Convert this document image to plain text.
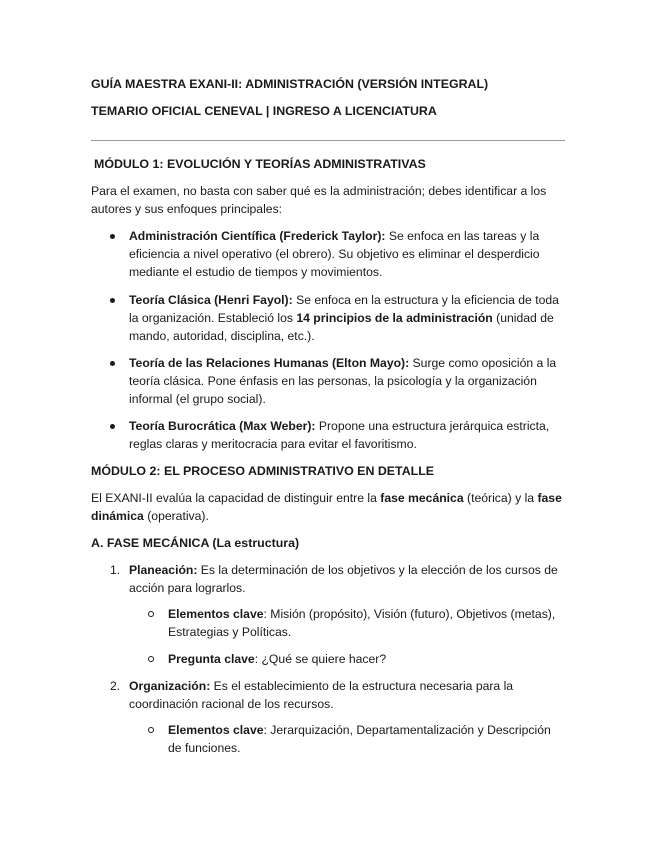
GUÍA MAESTRA EXANI-II: ADMINISTRACIÓN (VERSIÓN INTEGRAL)
TEMARIO OFICIAL CENEVAL | INGRESO A LICENCIATURA
MÓDULO 1: EVOLUCIÓN Y TEORÍAS ADMINISTRATIVAS
Para el examen, no basta con saber qué es la administración; debes identificar a los autores y sus enfoques principales:
Administración Científica (Frederick Taylor): Se enfoca en las tareas y la eficiencia a nivel operativo (el obrero). Su objetivo es eliminar el desperdicio mediante el estudio de tiempos y movimientos.
Teoría Clásica (Henri Fayol): Se enfoca en la estructura y la eficiencia de toda la organización. Estableció los 14 principios de la administración (unidad de mando, autoridad, disciplina, etc.).
Teoría de las Relaciones Humanas (Elton Mayo): Surge como oposición a la teoría clásica. Pone énfasis en las personas, la psicología y la organización informal (el grupo social).
Teoría Burocrática (Max Weber): Propone una estructura jerárquica estricta, reglas claras y meritocracia para evitar el favoritismo.
MÓDULO 2: EL PROCESO ADMINISTRATIVO EN DETALLE
El EXANI-II evalúa la capacidad de distinguir entre la fase mecánica (teórica) y la fase dinámica (operativa).
A. FASE MECÁNICA (La estructura)
1. Planeación: Es la determinación de los objetivos y la elección de los cursos de acción para lograrlos.
Elementos clave: Misión (propósito), Visión (futuro), Objetivos (metas), Estrategias y Políticas.
Pregunta clave: ¿Qué se quiere hacer?
2. Organización: Es el establecimiento de la estructura necesaria para la coordinación racional de los recursos.
Elementos clave: Jerarquización, Departamentalización y Descripción de funciones.
